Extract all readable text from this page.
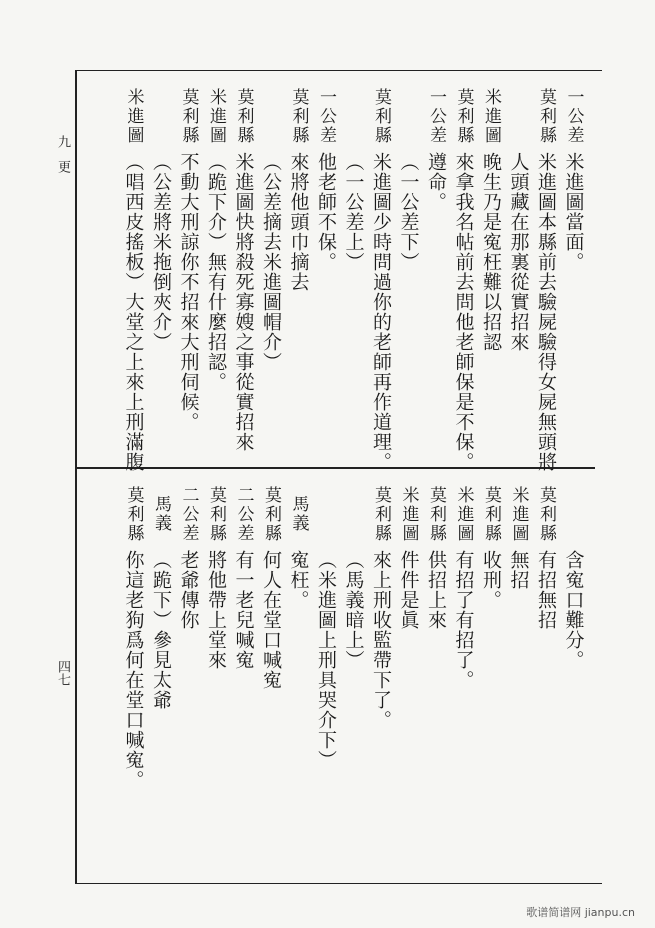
九更
四七
一公差
米進圖當面。
莫利縣
米進圖本縣前去驗屍驗得女屍無頭將
人頭藏在那裏從實招來
米進圖
晚生乃是寃枉難以招認
莫利縣
來拿我名帖前去問他老師保是不保。
一公差
遵命。
（一公差下）
莫利縣
米進圖少時問過你的老師再作道理。
（一公差上）
一公差
他老師不保。
莫利縣
來將他頭巾摘去
（公差摘去米進圖帽介）
莫利縣
米進圖快將殺死寡嫂之事從實招來
米進圖
（跪下介）無有什麼招認。
莫利縣
不動大刑諒你不招來大刑伺候。
（公差將米拖倒夾介）
米進圖
（唱西皮搖板）大堂之上來上刑滿腹
含寃口難分。
莫利縣
有招無招
米進圖
無招
莫利縣
收刑。
米進圖
有招了有招了。
莫利縣
供招上來
米進圖
件件是眞
莫利縣
來上刑收監帶下了。
（馬義暗上）
（米進圖上刑具哭介下）
馬義
寃枉。
莫利縣
何人在堂口喊寃
二公差
有一老兒喊寃
莫利縣
將他帶上堂來
二公差
老爺傳你
馬義
（跪下）參見太爺
莫利縣
你這老狗爲何在堂口喊寃。
歌谱简谱网 jianpu.cn
